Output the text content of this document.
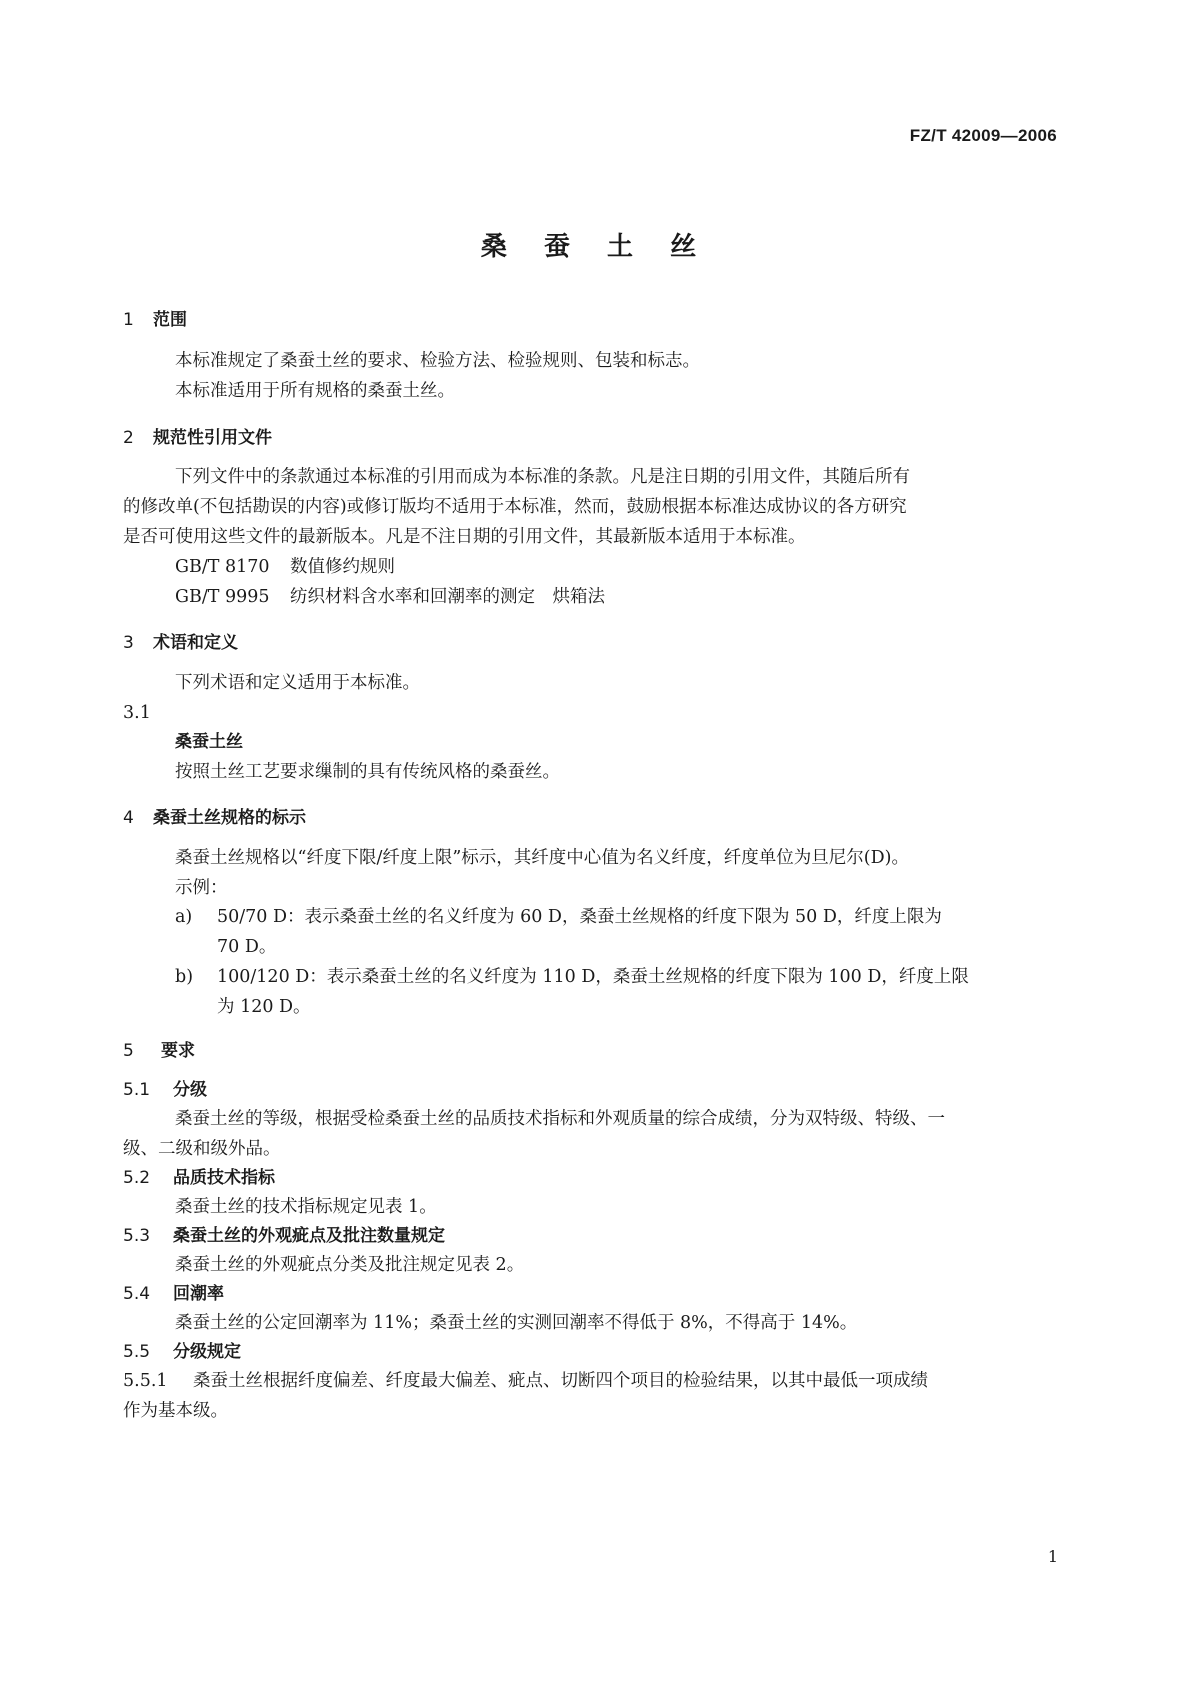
FZ/T 42009—2006
桑 蚕 土 丝
1 范围
本标准规定了桑蚕土丝的要求、检验方法、检验规则、包装和标志。
本标准适用于所有规格的桑蚕土丝。
2 规范性引用文件
下列文件中的条款通过本标准的引用而成为本标准的条款。凡是注日期的引用文件，其随后所有
的修改单(不包括勘误的内容)或修订版均不适用于本标准，然而，鼓励根据本标准达成协议的各方研究
是否可使用这些文件的最新版本。凡是不注日期的引用文件，其最新版本适用于本标准。
GB/T 8170 数值修约规则
GB/T 9995 纺织材料含水率和回潮率的测定　烘箱法
3 术语和定义
下列术语和定义适用于本标准。
3.1
桑蚕土丝
按照土丝工艺要求缫制的具有传统风格的桑蚕丝。
4 桑蚕土丝规格的标示
桑蚕土丝规格以“纤度下限/纤度上限”标示，其纤度中心值为名义纤度，纤度单位为旦尼尔(D)。
示例：
a) 50/70 D：表示桑蚕土丝的名义纤度为 60 D，桑蚕土丝规格的纤度下限为 50 D，纤度上限为
70 D。
b) 100/120 D：表示桑蚕土丝的名义纤度为 110 D，桑蚕土丝规格的纤度下限为 100 D，纤度上限
为 120 D。
5 要求
5.1 分级
桑蚕土丝的等级，根据受检桑蚕土丝的品质技术指标和外观质量的综合成绩，分为双特级、特级、一
级、二级和级外品。
5.2 品质技术指标
桑蚕土丝的技术指标规定见表 1。
5.3 桑蚕土丝的外观疵点及批注数量规定
桑蚕土丝的外观疵点分类及批注规定见表 2。
5.4 回潮率
桑蚕土丝的公定回潮率为 11%；桑蚕土丝的实测回潮率不得低于 8%，不得高于 14%。
5.5 分级规定
5.5.1 桑蚕土丝根据纤度偏差、纤度最大偏差、疵点、切断四个项目的检验结果，以其中最低一项成绩
作为基本级。
1
